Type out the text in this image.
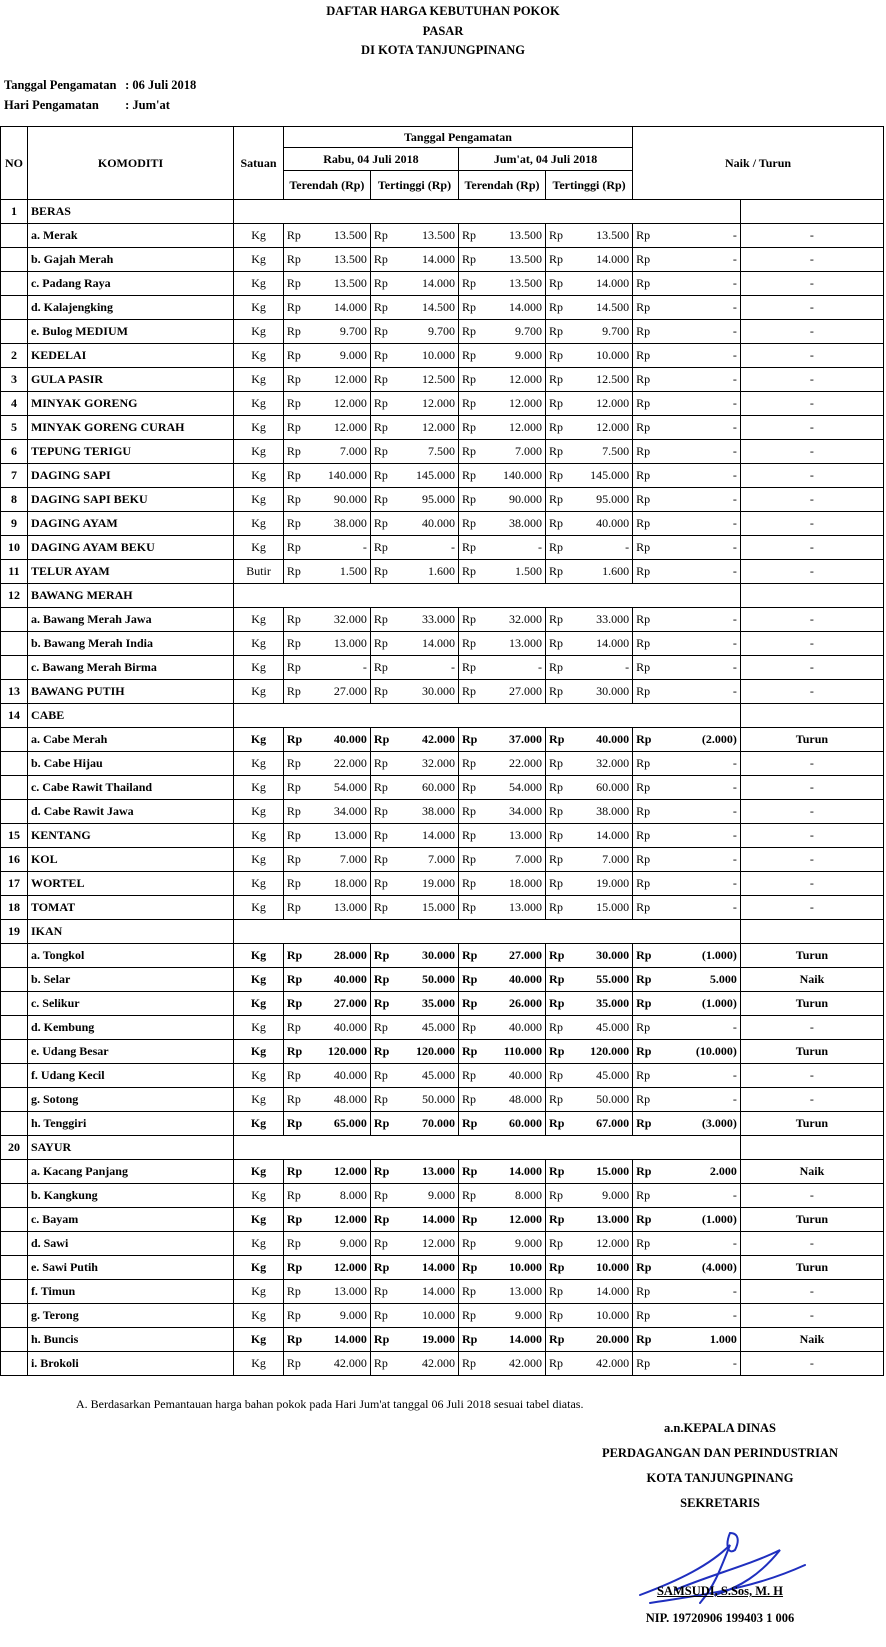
DAFTAR HARGA KEBUTUHAN POKOK
PASAR
DI KOTA TANJUNGPINANG
Tanggal Pengamatan : 06 Juli 2018
Hari Pengamatan : Jum'at
NO	KOMODITI	Satuan	Tanggal Pengamatan								Naik / Turun		
			Rabu, 04 Juli 2018				Jum'at, 04 Juli 2018						
			Terendah (Rp)		Tertinggi (Rp)		Terendah (Rp)		Tertinggi (Rp)				
1	BERAS												
	a. Merak	Kg	Rp	13.500	Rp	13.500	Rp	13.500	Rp	13.500	Rp	-	-
	b. Gajah Merah	Kg	Rp	13.500	Rp	14.000	Rp	13.500	Rp	14.000	Rp	-	-
	c. Padang Raya	Kg	Rp	13.500	Rp	14.000	Rp	13.500	Rp	14.000	Rp	-	-
	d. Kalajengking	Kg	Rp	14.000	Rp	14.500	Rp	14.000	Rp	14.500	Rp	-	-
	e. Bulog MEDIUM	Kg	Rp	9.700	Rp	9.700	Rp	9.700	Rp	9.700	Rp	-	-
2	KEDELAI	Kg	Rp	9.000	Rp	10.000	Rp	9.000	Rp	10.000	Rp	-	-
3	GULA PASIR	Kg	Rp	12.000	Rp	12.500	Rp	12.000	Rp	12.500	Rp	-	-
4	MINYAK GORENG	Kg	Rp	12.000	Rp	12.000	Rp	12.000	Rp	12.000	Rp	-	-
5	MINYAK GORENG CURAH	Kg	Rp	12.000	Rp	12.000	Rp	12.000	Rp	12.000	Rp	-	-
6	TEPUNG TERIGU	Kg	Rp	7.000	Rp	7.500	Rp	7.000	Rp	7.500	Rp	-	-
7	DAGING SAPI	Kg	Rp	140.000	Rp	145.000	Rp	140.000	Rp	145.000	Rp	-	-
8	DAGING SAPI BEKU	Kg	Rp	90.000	Rp	95.000	Rp	90.000	Rp	95.000	Rp	-	-
9	DAGING AYAM	Kg	Rp	38.000	Rp	40.000	Rp	38.000	Rp	40.000	Rp	-	-
10	DAGING AYAM BEKU	Kg	Rp	-	Rp	-	Rp	-	Rp	-	Rp	-	-
11	TELUR AYAM	Butir	Rp	1.500	Rp	1.600	Rp	1.500	Rp	1.600	Rp	-	-
12	BAWANG MERAH												
	a. Bawang Merah Jawa	Kg	Rp	32.000	Rp	33.000	Rp	32.000	Rp	33.000	Rp	-	-
	b. Bawang Merah India	Kg	Rp	13.000	Rp	14.000	Rp	13.000	Rp	14.000	Rp	-	-
	c. Bawang Merah Birma	Kg	Rp	-	Rp	-	Rp	-	Rp	-	Rp	-	-
13	BAWANG PUTIH	Kg	Rp	27.000	Rp	30.000	Rp	27.000	Rp	30.000	Rp	-	-
14	CABE												
	a. Cabe Merah	Kg	Rp	40.000	Rp	42.000	Rp	37.000	Rp	40.000	Rp	(2.000)	Turun
	b. Cabe Hijau	Kg	Rp	22.000	Rp	32.000	Rp	22.000	Rp	32.000	Rp	-	-
	c. Cabe Rawit Thailand	Kg	Rp	54.000	Rp	60.000	Rp	54.000	Rp	60.000	Rp	-	-
	d. Cabe Rawit Jawa	Kg	Rp	34.000	Rp	38.000	Rp	34.000	Rp	38.000	Rp	-	-
15	KENTANG	Kg	Rp	13.000	Rp	14.000	Rp	13.000	Rp	14.000	Rp	-	-
16	KOL	Kg	Rp	7.000	Rp	7.000	Rp	7.000	Rp	7.000	Rp	-	-
17	WORTEL	Kg	Rp	18.000	Rp	19.000	Rp	18.000	Rp	19.000	Rp	-	-
18	TOMAT	Kg	Rp	13.000	Rp	15.000	Rp	13.000	Rp	15.000	Rp	-	-
19	IKAN												
	a. Tongkol	Kg	Rp	28.000	Rp	30.000	Rp	27.000	Rp	30.000	Rp	(1.000)	Turun
	b. Selar	Kg	Rp	40.000	Rp	50.000	Rp	40.000	Rp	55.000	Rp	5.000	Naik
	c. Selikur	Kg	Rp	27.000	Rp	35.000	Rp	26.000	Rp	35.000	Rp	(1.000)	Turun
	d. Kembung	Kg	Rp	40.000	Rp	45.000	Rp	40.000	Rp	45.000	Rp	-	-
	e. Udang Besar	Kg	Rp	120.000	Rp	120.000	Rp	110.000	Rp	120.000	Rp	(10.000)	Turun
	f. Udang Kecil	Kg	Rp	40.000	Rp	45.000	Rp	40.000	Rp	45.000	Rp	-	-
	g. Sotong	Kg	Rp	48.000	Rp	50.000	Rp	48.000	Rp	50.000	Rp	-	-
	h. Tenggiri	Kg	Rp	65.000	Rp	70.000	Rp	60.000	Rp	67.000	Rp	(3.000)	Turun
20	SAYUR												
	a. Kacang Panjang	Kg	Rp	12.000	Rp	13.000	Rp	14.000	Rp	15.000	Rp	2.000	Naik
	b. Kangkung	Kg	Rp	8.000	Rp	9.000	Rp	8.000	Rp	9.000	Rp	-	-
	c. Bayam	Kg	Rp	12.000	Rp	14.000	Rp	12.000	Rp	13.000	Rp	(1.000)	Turun
	d. Sawi	Kg	Rp	9.000	Rp	12.000	Rp	9.000	Rp	12.000	Rp	-	-
	e. Sawi Putih	Kg	Rp	12.000	Rp	14.000	Rp	10.000	Rp	10.000	Rp	(4.000)	Turun
	f. Timun	Kg	Rp	13.000	Rp	14.000	Rp	13.000	Rp	14.000	Rp	-	-
	g. Terong	Kg	Rp	9.000	Rp	10.000	Rp	9.000	Rp	10.000	Rp	-	-
	h. Buncis	Kg	Rp	14.000	Rp	19.000	Rp	14.000	Rp	20.000	Rp	1.000	Naik
	i. Brokoli	Kg	Rp	42.000	Rp	42.000	Rp	42.000	Rp	42.000	Rp	-	-
A. Berdasarkan Pemantauan harga bahan pokok pada Hari Jum'at tanggal 06 Juli 2018 sesuai tabel diatas.
a.n.KEPALA DINAS
PERDAGANGAN DAN PERINDUSTRIAN
KOTA TANJUNGPINANG
SEKRETARIS
SAMSUDI, S.Sos, M. H
NIP. 19720906 199403 1 006
